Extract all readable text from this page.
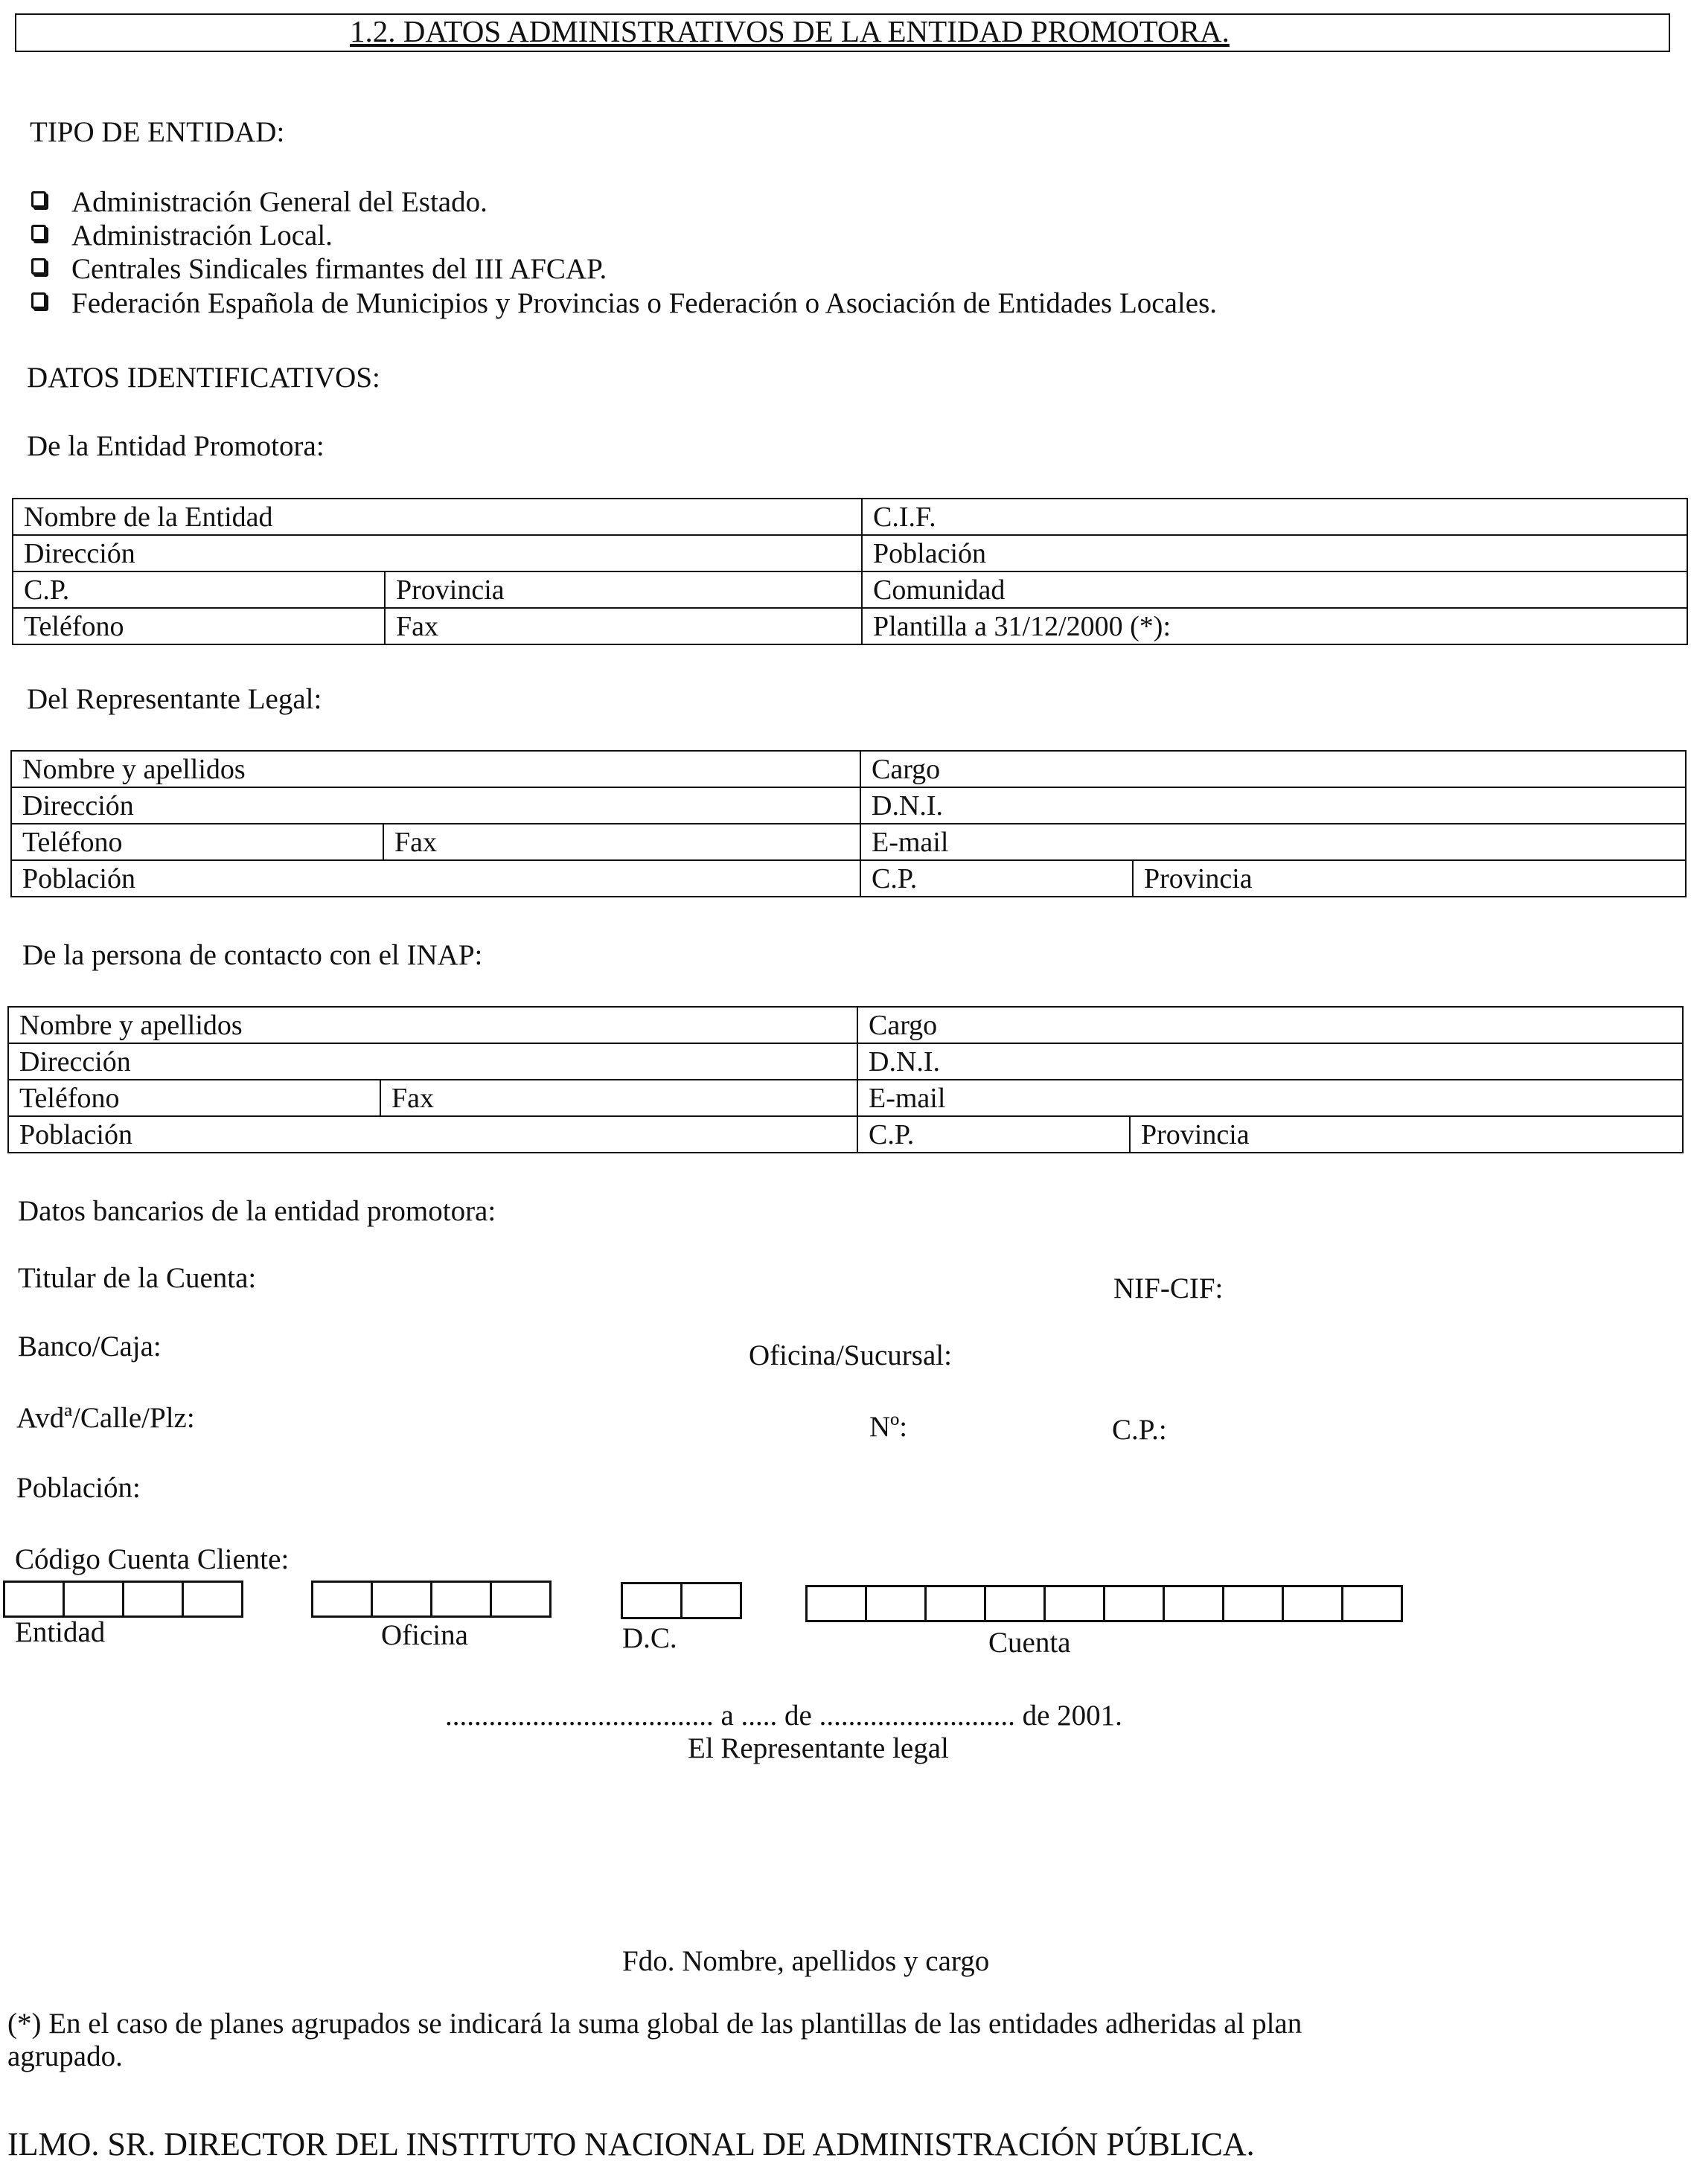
1.2. DATOS ADMINISTRATIVOS DE LA ENTIDAD PROMOTORA.
TIPO DE ENTIDAD:
Administración General del Estado.
Administración Local.
Centrales Sindicales firmantes del III AFCAP.
Federación Española de Municipios y Provincias o Federación o Asociación de Entidades Locales.
DATOS IDENTIFICATIVOS:
De la Entidad Promotora:
Nombre de la Entidad		C.I.F.
Dirección		Población
C.P.	Provincia	Comunidad
Teléfono	Fax	Plantilla a 31/12/2000 (*):
Del Representante Legal:
Nombre y apellidos		Cargo	
Dirección		D.N.I.	
Teléfono	Fax	E-mail	
Población		C.P.	Provincia
De la persona de contacto con el INAP:
Nombre y apellidos		Cargo	
Dirección		D.N.I.	
Teléfono	Fax	E-mail	
Población		C.P.	Provincia
Datos bancarios de la entidad promotora:
Titular de la Cuenta:	NIF-CIF:
Banco/Caja:	Oficina/Sucursal:
Avdª/Calle/Plz:	Nº:	C.P.:
Población:
Código Cuenta Cliente:
Entidad	Oficina	D.C.	Cuenta
..................................... a ..... de ........................... de 2001.
El Representante legal
Fdo. Nombre, apellidos y cargo
(*) En el caso de planes agrupados se indicará la suma global de las plantillas de las entidades adheridas al plan
agrupado.
ILMO. SR. DIRECTOR DEL INSTITUTO NACIONAL DE ADMINISTRACIÓN PÚBLICA.
